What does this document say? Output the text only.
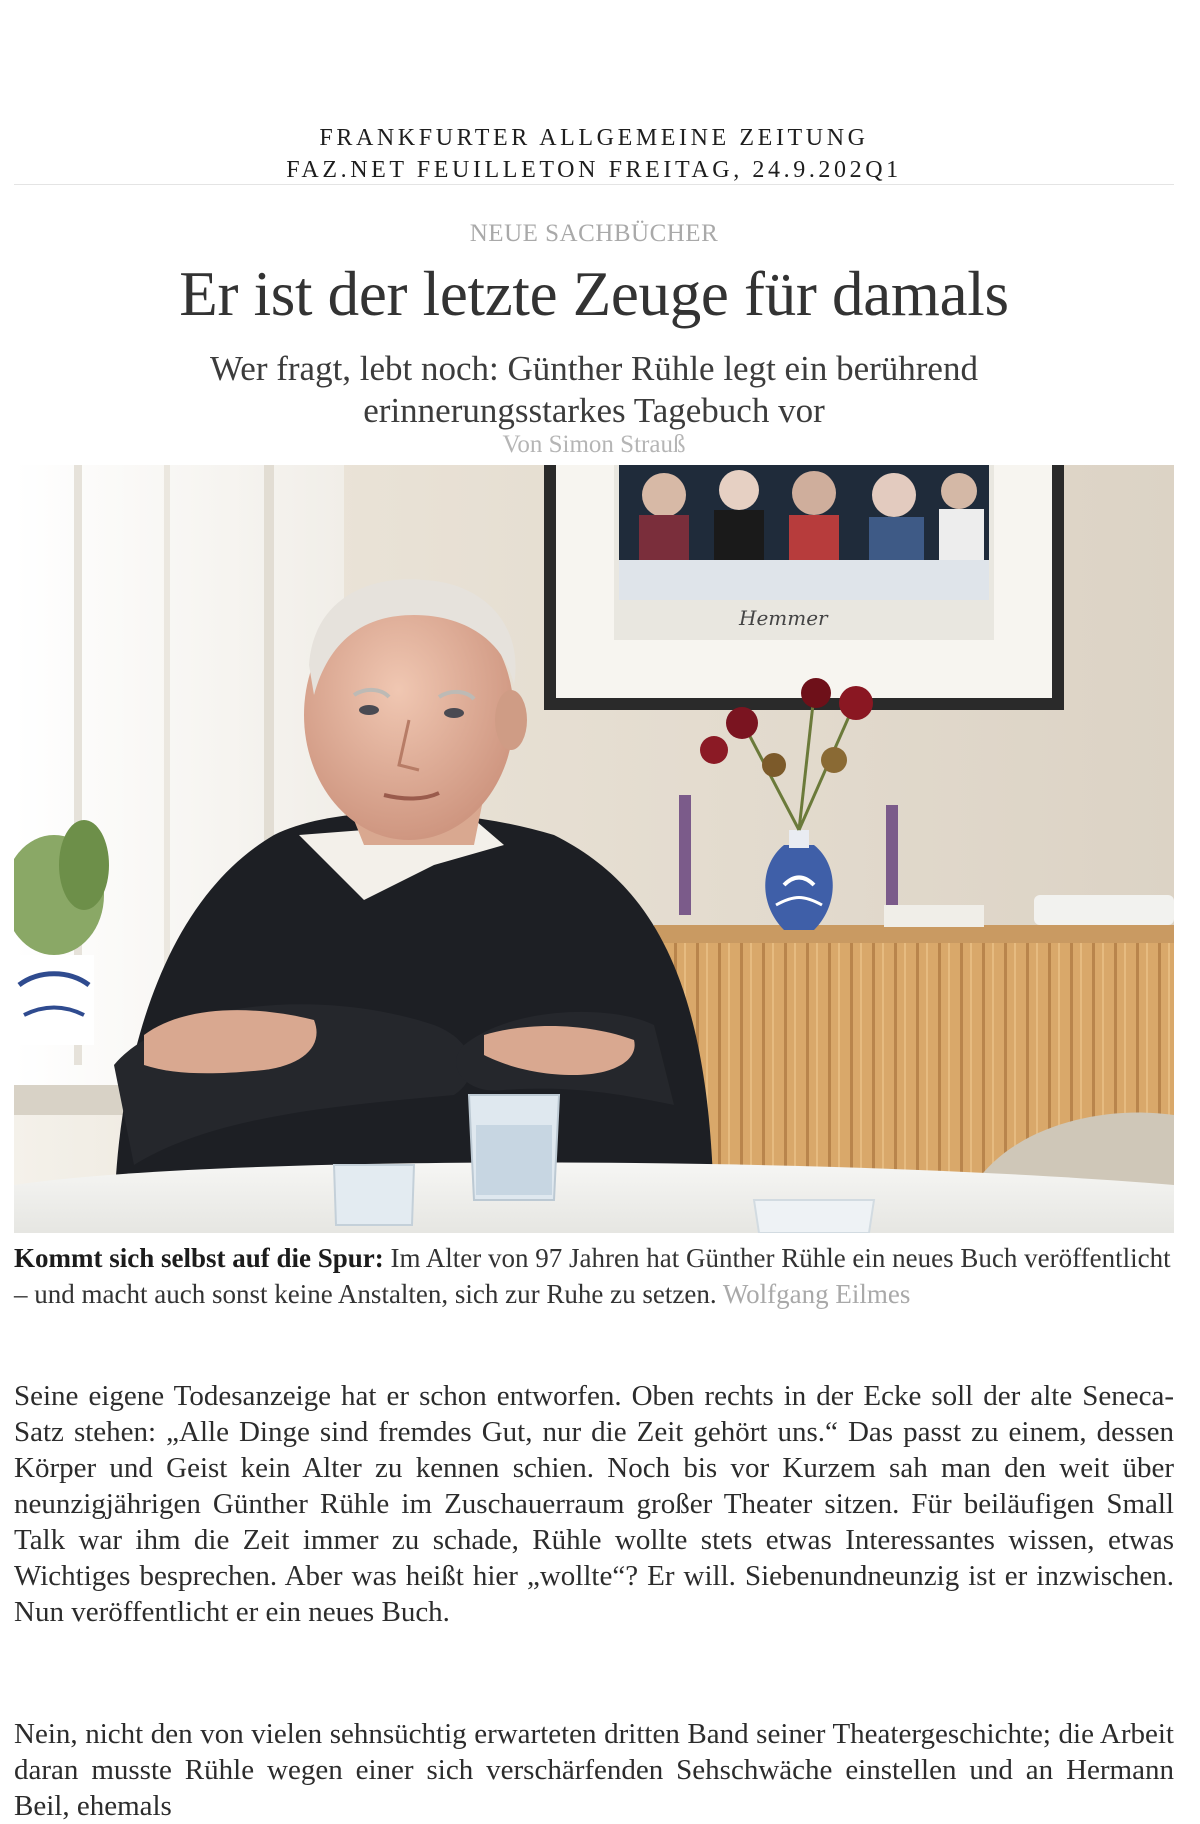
FRANKFURTER ALLGEMEINE ZEITUNG
FAZ.NET FEUILLETON FREITAG, 24.9.202Q1
NEUE SACHBÜCHER
Er ist der letzte Zeuge für damals
Wer fragt, lebt noch: Günther Rühle legt ein berührend erinnerungsstarkes Tagebuch vor
Von Simon Strauß
Hemmer
Kommt sich selbst auf die Spur: Im Alter von 97 Jahren hat Günther Rühle ein neues Buch veröffentlicht – und macht auch sonst keine Anstalten, sich zur Ruhe zu setzen. Wolfgang Eilmes

Seine eigene Todesanzeige hat er schon entworfen. Oben rechts in der Ecke soll der alte Seneca-Satz stehen: „Alle Dinge sind fremdes Gut, nur die Zeit gehört uns.“ Das passt zu einem, dessen Körper und Geist kein Alter zu kennen schien. Noch bis vor Kurzem sah man den weit über neunzigjährigen Günther Rühle im Zuschauerraum großer Theater sitzen. Für beiläufigen Small Talk war ihm die Zeit immer zu schade, Rühle wollte stets etwas Interessantes wissen, etwas Wichtiges besprechen. Aber was heißt hier „wollte“? Er will. Siebenundneunzig ist er inzwischen. Nun veröffentlicht er ein neues Buch.

Nein, nicht den von vielen sehnsüchtig erwarteten dritten Band seiner Theatergeschichte; die Arbeit daran musste Rühle wegen einer sich verschärfenden Sehschwäche einstellen und an Hermann Beil, ehemals
